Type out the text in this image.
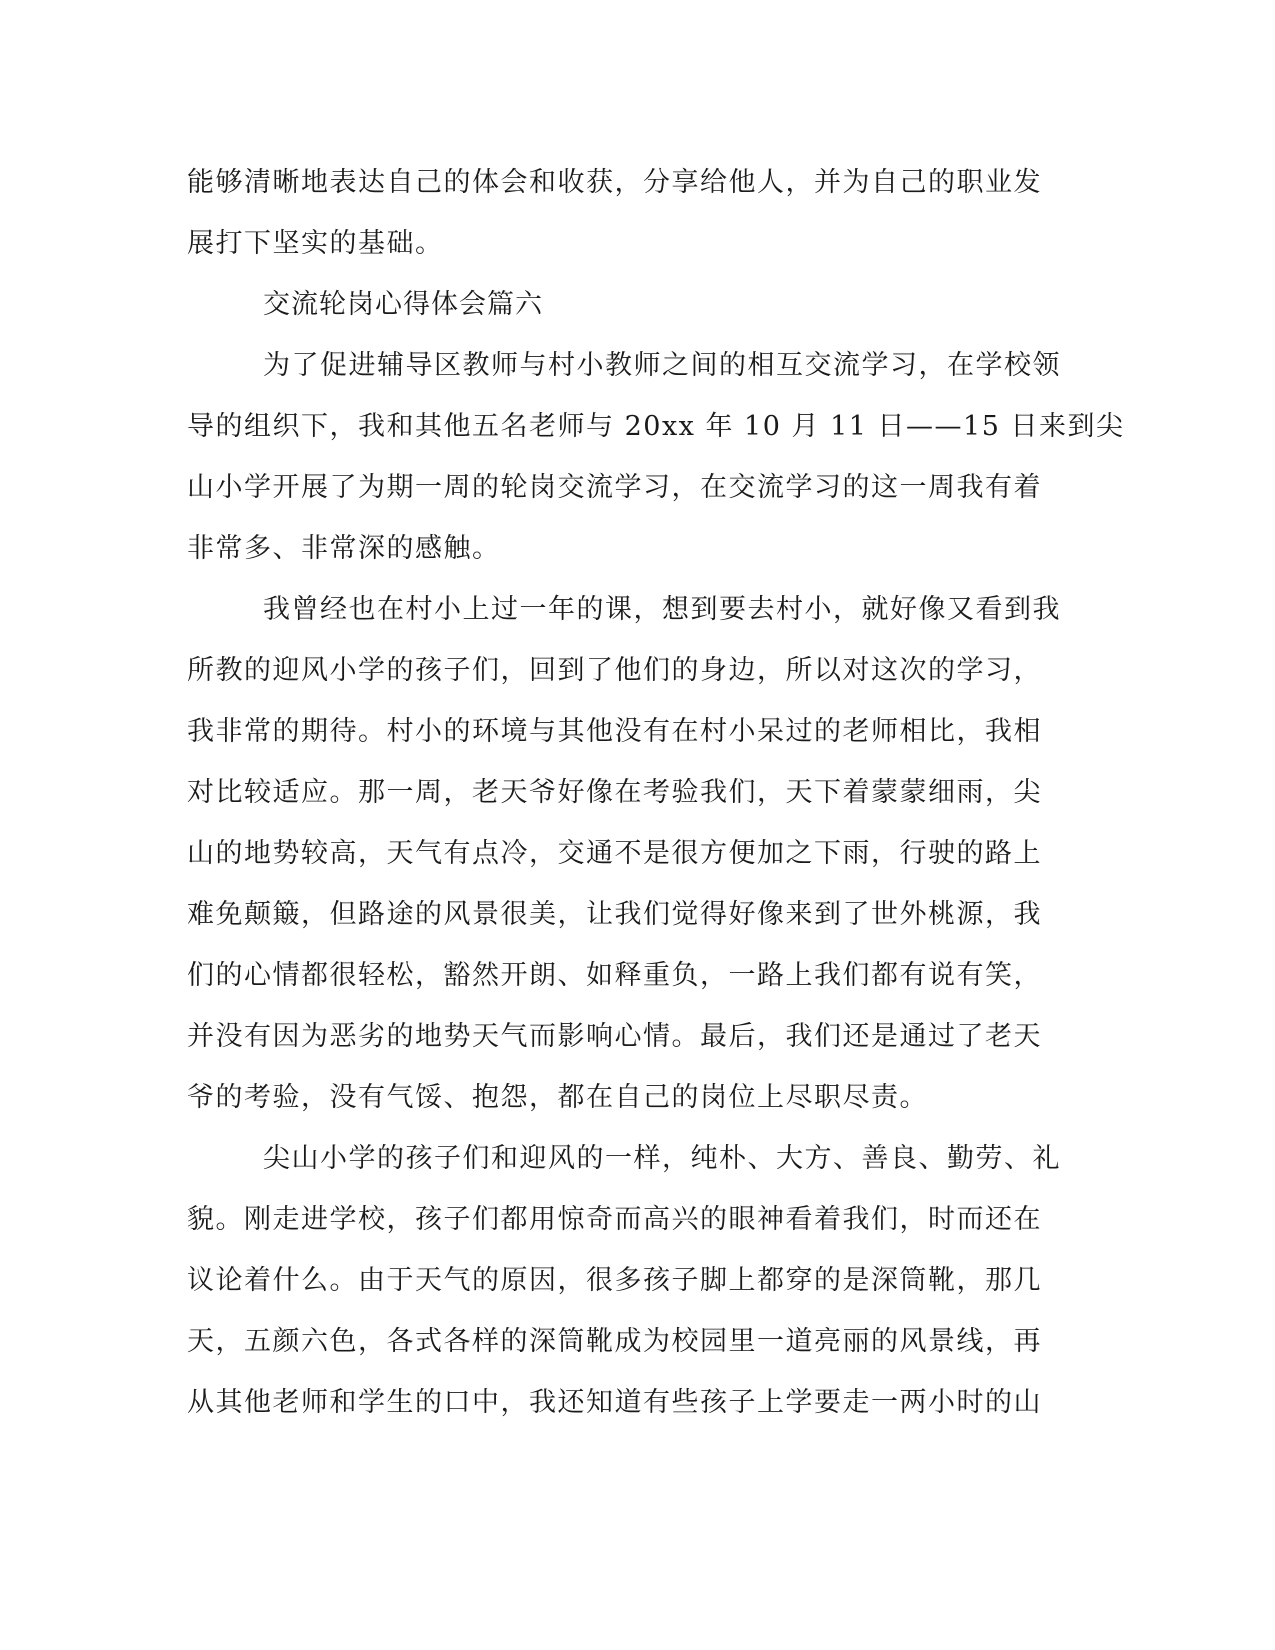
能够清晰地表达自己的体会和收获，分享给他人，并为自己的职业发
展打下坚实的基础。
交流轮岗心得体会篇六
为了促进辅导区教师与村小教师之间的相互交流学习，在学校领
导的组织下，我和其他五名老师与 20xx 年 10 月 11 日——15 日来到尖
山小学开展了为期一周的轮岗交流学习，在交流学习的这一周我有着
非常多、非常深的感触。
我曾经也在村小上过一年的课，想到要去村小，就好像又看到我
所教的迎风小学的孩子们，回到了他们的身边，所以对这次的学习，
我非常的期待。村小的环境与其他没有在村小呆过的老师相比，我相
对比较适应。那一周，老天爷好像在考验我们，天下着蒙蒙细雨，尖
山的地势较高，天气有点冷，交通不是很方便加之下雨，行驶的路上
难免颠簸，但路途的风景很美，让我们觉得好像来到了世外桃源，我
们的心情都很轻松，豁然开朗、如释重负，一路上我们都有说有笑，
并没有因为恶劣的地势天气而影响心情。最后，我们还是通过了老天
爷的考验，没有气馁、抱怨，都在自己的岗位上尽职尽责。
尖山小学的孩子们和迎风的一样，纯朴、大方、善良、勤劳、礼
貌。刚走进学校，孩子们都用惊奇而高兴的眼神看着我们，时而还在
议论着什么。由于天气的原因，很多孩子脚上都穿的是深筒靴，那几
天，五颜六色，各式各样的深筒靴成为校园里一道亮丽的风景线，再
从其他老师和学生的口中，我还知道有些孩子上学要走一两小时的山
